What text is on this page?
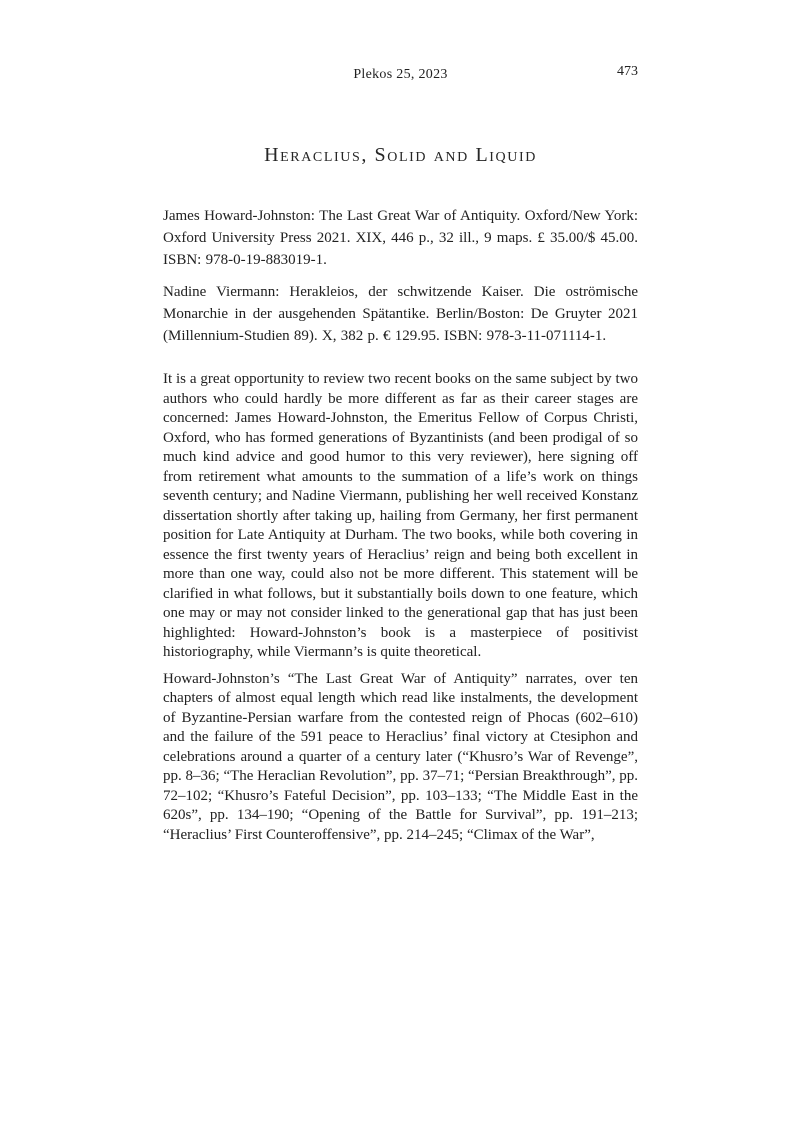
Plekos 25, 2023	473
Heraclius, Solid and Liquid

James Howard-Johnston: The Last Great War of Antiquity. Oxford/New York: Oxford University Press 2021. XIX, 446 p., 32 ill., 9 maps. £ 35.00/$ 45.00. ISBN: 978-0-19-883019-1.

Nadine Viermann: Herakleios, der schwitzende Kaiser. Die oströmische Monarchie in der ausgehenden Spätantike. Berlin/Boston: De Gruyter 2021 (Millennium-Studien 89). X, 382 p. € 129.95. ISBN: 978-3-11-071114-1.

It is a great opportunity to review two recent books on the same subject by two authors who could hardly be more different as far as their career stages are concerned: James Howard-Johnston, the Emeritus Fellow of Corpus Christi, Oxford, who has formed generations of Byzantinists (and been prodigal of so much kind advice and good humor to this very reviewer), here signing off from retirement what amounts to the summation of a life’s work on things seventh century; and Nadine Viermann, publishing her well received Konstanz dissertation shortly after taking up, hailing from Germany, her first permanent position for Late Antiquity at Durham. The two books, while both covering in essence the first twenty years of Heraclius’ reign and being both excellent in more than one way, could also not be more different. This statement will be clarified in what follows, but it substantially boils down to one feature, which one may or may not consider linked to the generational gap that has just been highlighted: Howard-Johnston’s book is a masterpiece of positivist historiography, while Viermann’s is quite theoretical.

Howard-Johnston’s “The Last Great War of Antiquity” narrates, over ten chapters of almost equal length which read like instalments, the development of Byzantine-Persian warfare from the contested reign of Phocas (602–610) and the failure of the 591 peace to Heraclius’ final victory at Ctesiphon and celebrations around a quarter of a century later (“Khusro’s War of Revenge”, pp. 8–36; “The Heraclian Revolution”, pp. 37–71; “Persian Breakthrough”, pp. 72–102; “Khusro’s Fateful Decision”, pp. 103–133; “The Middle East in the 620s”, pp. 134–190; “Opening of the Battle for Survival”, pp. 191–213; “Heraclius’ First Counteroffensive”, pp. 214–245; “Climax of the War”,
